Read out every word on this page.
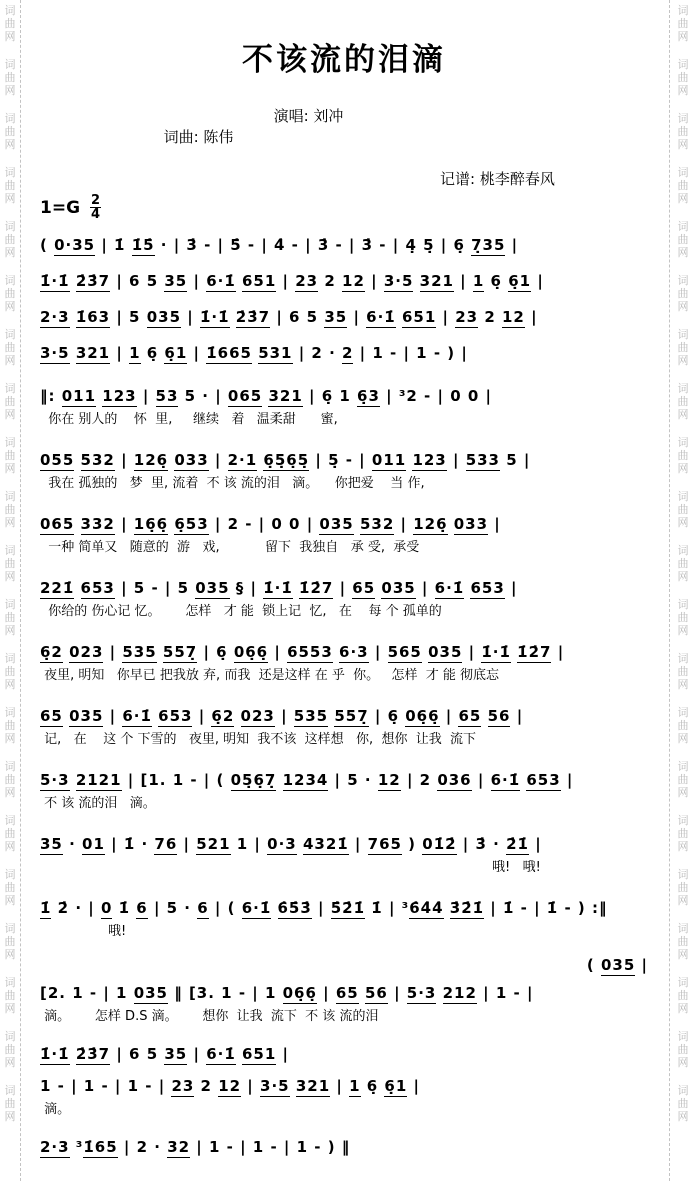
词
曲
网
词
曲
网
词
曲
网
词
曲
网
词
曲
网
词
曲
网
词
曲
网
词
曲
网
词
曲
网
词
曲
网
词
曲
网
词
曲
网
词
曲
网
词
曲
网
词
曲
网
词
曲
网
词
曲
网
词
曲
网
词
曲
网
词
曲
网
词
曲
网
词
曲
网
词
曲
网
词
曲
网
词
曲
网
词
曲
网
词
曲
网
词
曲
网
词
曲
网
词
曲
网
词
曲
网
词
曲
网
词
曲
网
词
曲
网
词
曲
网
词
曲
网
词
曲
网
词
曲
网
词
曲
网
词
曲
网
词
曲
网
词
曲
网
不该流的泪滴

演唱: 刘冲
词曲: 陈伟

记谱: 桃李醉春风
$1=G \frac{2}{4}$
( 0·35 | 1̇ 1̇5̇ · | 3̇ - | 5̇ - | 4̇ - | 3̇ - | 3̇ - | 4̣ 5̣ | 6̣ 7̣35 |
1̇·1̇ 2̇3̇7 | 6 5 35 | 6·1̇ 651 | 23 2 12 | 3·5 321 | 1 6̣ 6̣1 |
2·3 1̇63 | 5 035 | 1̇·1̇ 2̇3̇7 | 6 5 35 | 6·1̇ 651 | 23 2 12 |
3·5 321 | 1 6̣ 6̣1 | 1̇665 531 | 2 · 2 | 1 - | 1 - ) |
‖: 011 123 | 53 5 · | 065 321 | 6̣ 1 6̣3 | ³2 - | 0 0 |
你在 别人的    怀  里,     继续   着   温柔甜      蜜,
055 532 | 126̣ 033 | 2·1 6̣5̣6̣5̣ | 5̣ - | 011 123 | 533 5 |
我在 孤独的   梦  里, 流着  不 该 流的泪   滴。    你把爱    当 作,
065 332 | 16̣6̣ 6̣53 | 2 - | 0 0 | 035 532 | 126̣ 033 |
一种 简单又   随意的  游   戏,           留下  我独自   承 受,  承受
221̇ 653 | 5 - | 5 035 § | 1̇·1̇ 1̇2̇7 | 65 035 | 6·1̇ 653 |
你给的 伤心记 忆。      怎样   才 能  锁上记  忆,   在    每 个 孤单的
6̣2 023 | 535 557̣ | 6̣ 06̣6̣ | 6553 6·3 | 565 035 | 1̇·1̇ 1̇2̇7 |
夜里, 明知   你早已 把我放 弃, 而我  还是这样 在 乎  你。   怎样  才 能 彻底忘
65 035 | 6·1̇ 653 | 6̣2 023 | 535 557̣ | 6̣ 06̣6̣ | 65 56 |
记,   在    这 个 下雪的   夜里, 明知  我不该  这样想   你,  想你  让我  流下
5·3 2121 | [1. 1 - | ( 05̣6̣7̣ 1234 | 5 · 12 | 2 036 | 6·1̇ 653 |
不 该 流的泪   滴。
35 · 01 | 1̇ · 76 | 521 1 | 0·3 4321̇ | 765 ) 01̇2̇ | 3̇ · 2̇1̇ |
哦!   哦!
1̇ 2̇ · | 0 1̇ 6 | 5 · 6 | ( 6·1̇ 6̇5̇3̇ | 5̇2̇1̇ 1̇ | ³6̇4̇4̇ 3̇2̇1̇ | 1̇ - | 1̇ - ) :‖
哦!
( 035 |
[2. 1 - | 1 035 ‖ [3. 1 - | 1 06̣6̣ | 65 56 | 5·3 212 | 1 - |
滴。      怎样 D.S 滴。      想你  让我  流下  不 该 流的泪
1̇·1̇ 2̇3̇7 | 6 5 35 | 6·1̇ 651 |
1 - | 1 - | 1 - | 23 2 12 | 3·5 321 | 1 6̣ 6̣1 |
滴。
2·3 ³1̇65 | 2 · 32 | 1 - | 1 - | 1 - ) ‖
